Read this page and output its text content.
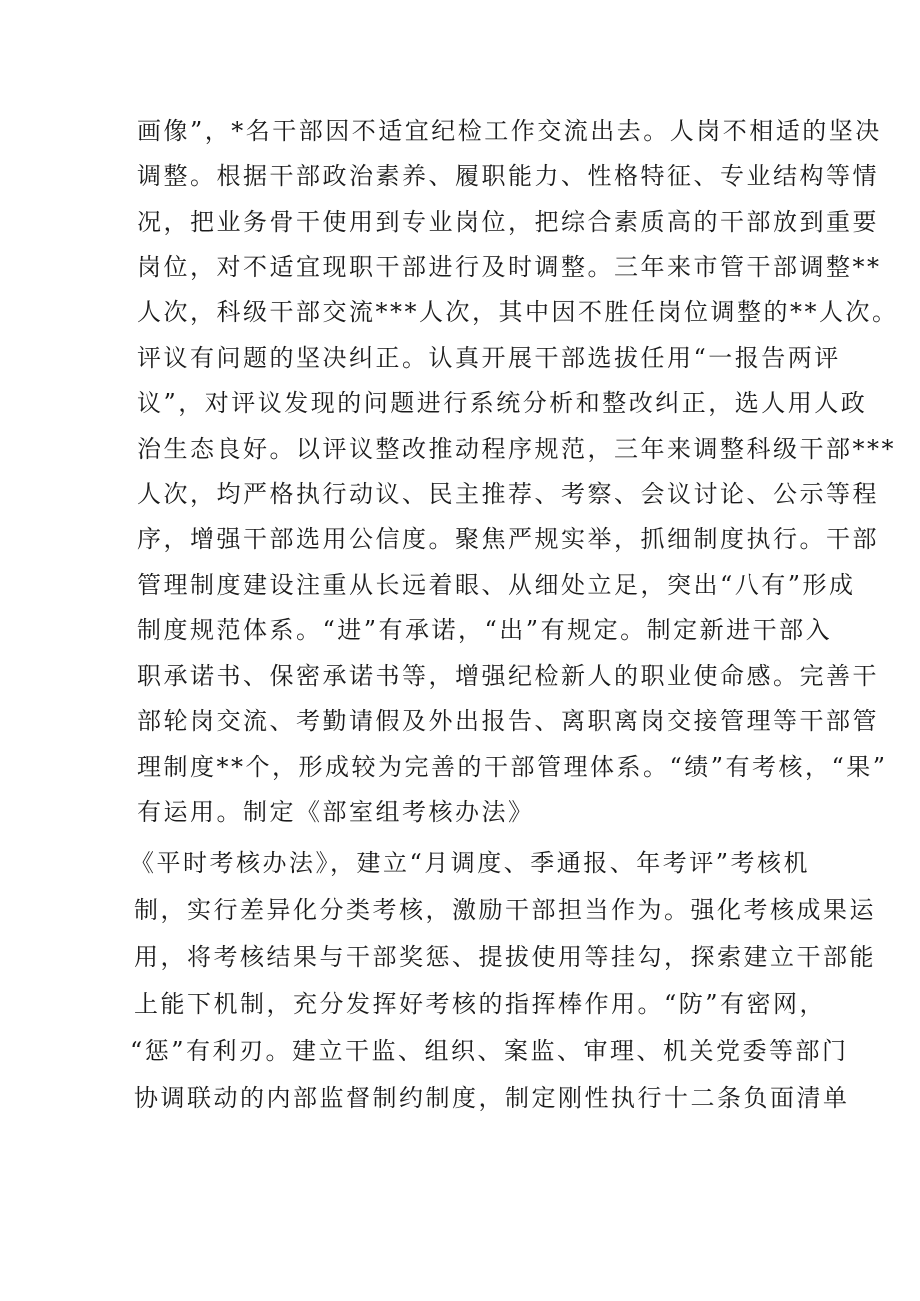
画像”，*名干部因不适宜纪检工作交流出去。人岗不相适的坚决
调整。根据干部政治素养、履职能力、性格特征、专业结构等情
况，把业务骨干使用到专业岗位，把综合素质高的干部放到重要
岗位，对不适宜现职干部进行及时调整。三年来市管干部调整**
人次，科级干部交流***人次，其中因不胜任岗位调整的**人次。
评议有问题的坚决纠正。认真开展干部选拔任用“一报告两评
议”，对评议发现的问题进行系统分析和整改纠正，选人用人政
治生态良好。以评议整改推动程序规范，三年来调整科级干部***
人次，均严格执行动议、民主推荐、考察、会议讨论、公示等程
序，增强干部选用公信度。聚焦严规实举，抓细制度执行。干部
管理制度建设注重从长远着眼、从细处立足，突出“八有”形成
制度规范体系。“进”有承诺，“出”有规定。制定新进干部入
职承诺书、保密承诺书等，增强纪检新人的职业使命感。完善干
部轮岗交流、考勤请假及外出报告、离职离岗交接管理等干部管
理制度**个，形成较为完善的干部管理体系。“绩”有考核，“果”
有运用。制定《部室组考核办法》
《平时考核办法》，建立“月调度、季通报、年考评”考核机
制，实行差异化分类考核，激励干部担当作为。强化考核成果运
用，将考核结果与干部奖惩、提拔使用等挂勾，探索建立干部能
上能下机制，充分发挥好考核的指挥棒作用。“防”有密网，
“惩”有利刃。建立干监、组织、案监、审理、机关党委等部门
协调联动的内部监督制约制度，制定刚性执行十二条负面清单
